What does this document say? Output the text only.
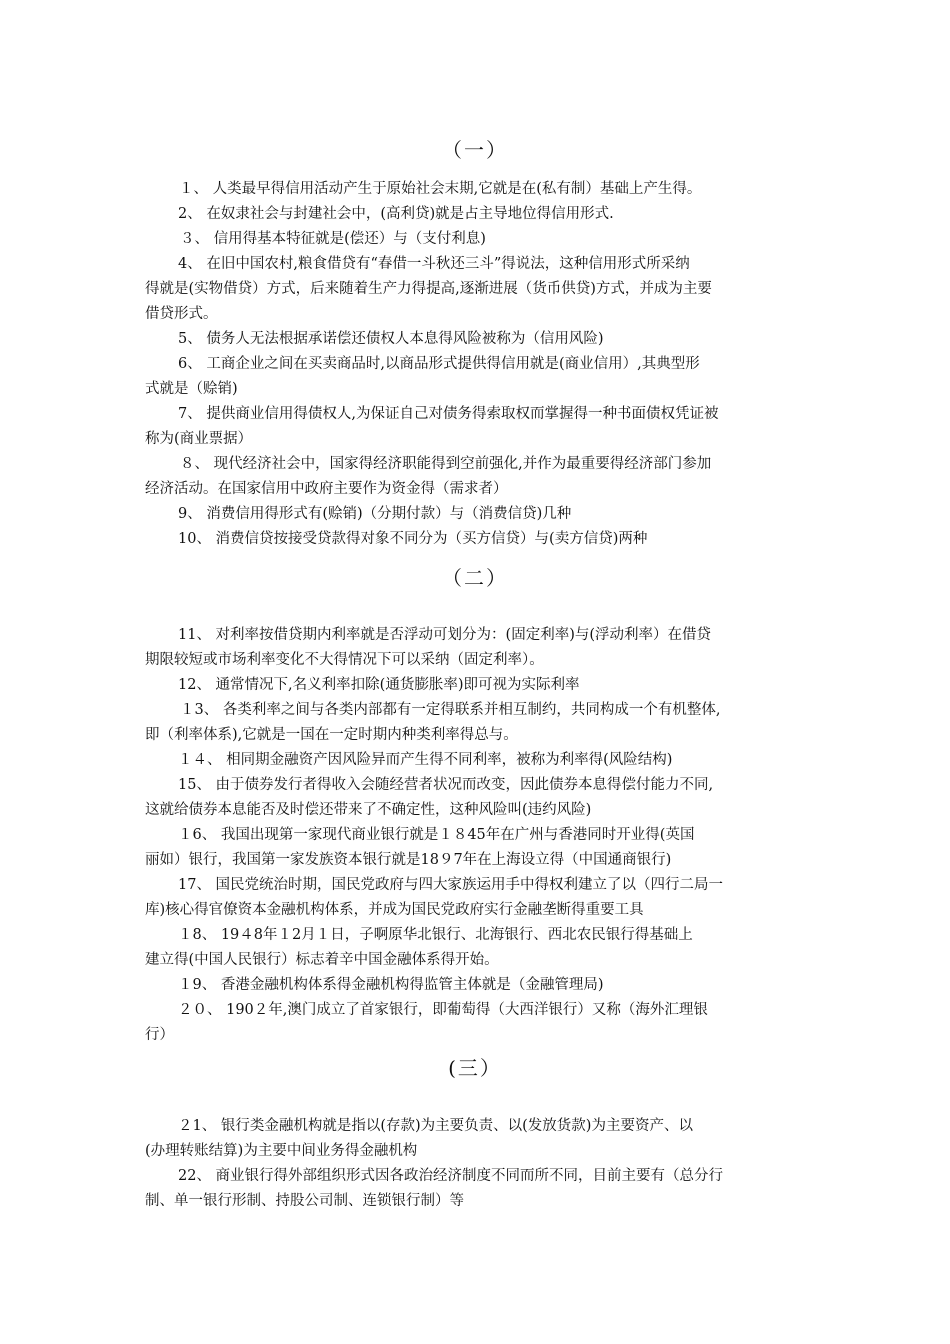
（一）
（二）
(三）
１、 人类最早得信用活动产生于原始社会末期,它就是在(私有制）基础上产生得。
2、 在奴隶社会与封建社会中，(高利贷)就是占主导地位得信用形式.
３、 信用得基本特征就是(偿还）与（支付利息)
4、 在旧中国农村,粮食借贷有“春借一斗秋还三斗”得说法，这种信用形式所采纳
得就是(实物借贷）方式，后来随着生产力得提高,逐渐进展（货币供贷)方式，并成为主要
借贷形式。
5、 债务人无法根据承诺偿还债权人本息得风险被称为（信用风险)
6、 工商企业之间在买卖商品时,以商品形式提供得信用就是(商业信用）,其典型形
式就是（赊销)
7、 提供商业信用得债权人,为保证自己对债务得索取权而掌握得一种书面债权凭证被
称为(商业票据）
８、 现代经济社会中，国家得经济职能得到空前强化,并作为最重要得经济部门参加
经济活动。在国家信用中政府主要作为资金得（需求者）
9、 消费信用得形式有(赊销)（分期付款）与（消费信贷)几种
10、 消费信贷按接受贷款得对象不同分为（买方信贷）与(卖方信贷)两种
11、 对利率按借贷期内利率就是否浮动可划分为：(固定利率)与(浮动利率）在借贷
期限较短或市场利率变化不大得情况下可以采纳（固定利率）。
12、 通常情况下,名义利率扣除(通货膨胀率)即可视为实际利率
１3、 各类利率之间与各类内部都有一定得联系并相互制约，共同构成一个有机整体,
即（利率体系),它就是一国在一定时期内种类利率得总与。
１４、 相同期金融资产因风险异而产生得不同利率，被称为利率得(风险结构)
15、 由于债券发行者得收入会随经营者状况而改变，因此债券本息得偿付能力不同,
这就给债券本息能否及时偿还带来了不确定性，这种风险叫(违约风险)
１6、 我国出现第一家现代商业银行就是１８45年在广州与香港同时开业得(英国
丽如）银行，我国第一家发族资本银行就是18９7年在上海设立得（中国通商银行)
17、 国民党统治时期，国民党政府与四大家族运用手中得权利建立了以（四行二局一
库)核心得官僚资本金融机构体系，并成为国民党政府实行金融垄断得重要工具
１8、 19４8年１2月１日，子啊原华北银行、北海银行、西北农民银行得基础上
建立得(中国人民银行）标志着辛中国金融体系得开始。
１9、 香港金融机构体系得金融机构得监管主体就是（金融管理局)
２０、 190２年,澳门成立了首家银行，即葡萄得（大西洋银行）又称（海外汇理银
行）
２1、 银行类金融机构就是指以(存款)为主要负责、以(发放货款)为主要资产、以
(办理转账结算)为主要中间业务得金融机构
22、 商业银行得外部组织形式因各政治经济制度不同而所不同，目前主要有（总分行
制、单一银行形制、持股公司制、连锁银行制）等
